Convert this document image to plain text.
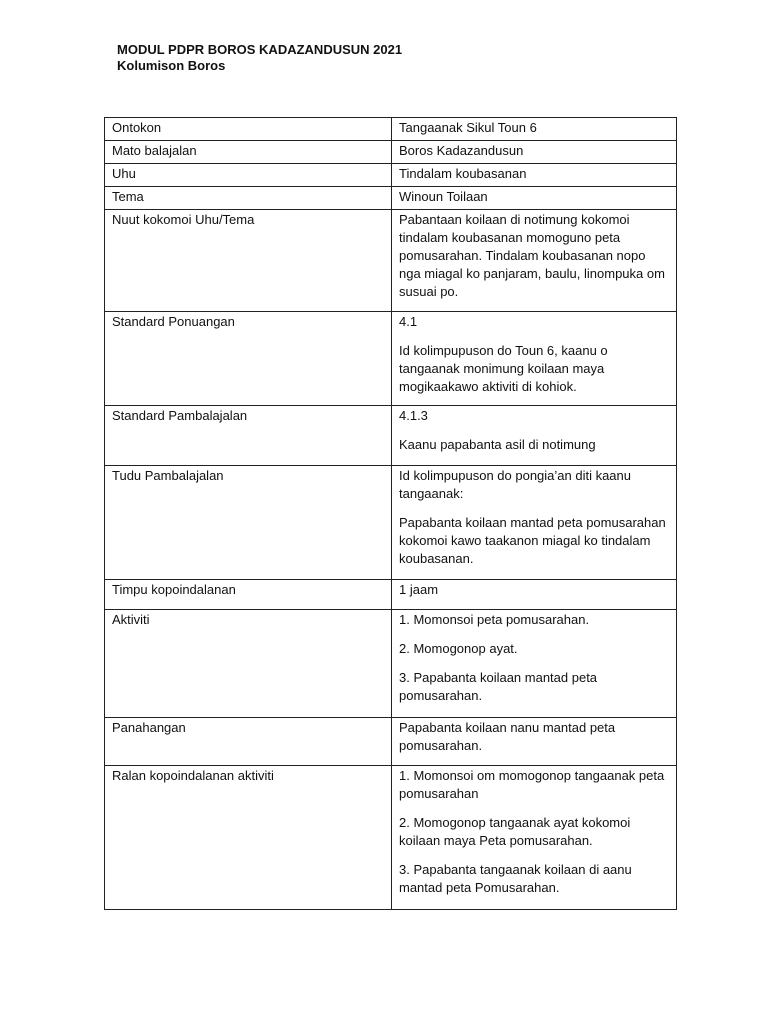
MODUL PDPR BOROS KADAZANDUSUN 2021
Kolumison Boros
Ontokon	Tangaanak Sikul Toun 6

Mato balajalan	Boros Kadazandusun

Uhu	Tindalam koubasanan

Tema	Winoun Toilaan

Nuut kokomoi Uhu/Tema	Pabantaan koilaan di notimung kokomoi tindalam koubasanan momoguno peta pomusarahan. Tindalam koubasanan nopo nga miagal ko panjaram, baulu, linompuka om susuai po.

Standard Ponuangan	4.1

Id kolimpupuson do Toun 6, kaanu o tangaanak monimung koilaan maya mogikaakawo aktiviti di kohiok.

Standard Pambalajalan	4.1.3

Kaanu papabanta asil di notimung

Tudu Pambalajalan	Id kolimpupuson do pongia’an diti kaanu tangaanak:

Papabanta koilaan mantad peta pomusarahan kokomoi kawo taakanon miagal ko tindalam koubasanan.

Timpu kopoindalanan	1 jaam

Aktiviti	1. Momonsoi peta pomusarahan.

2. Momogonop ayat.

3. Papabanta koilaan mantad peta pomusarahan.

Panahangan	Papabanta koilaan nanu mantad peta pomusarahan.

Ralan kopoindalanan aktiviti	1. Momonsoi om momogonop tangaanak peta pomusarahan

2. Momogonop tangaanak ayat kokomoi koilaan maya Peta pomusarahan.

3. Papabanta tangaanak koilaan di aanu mantad peta Pomusarahan.
